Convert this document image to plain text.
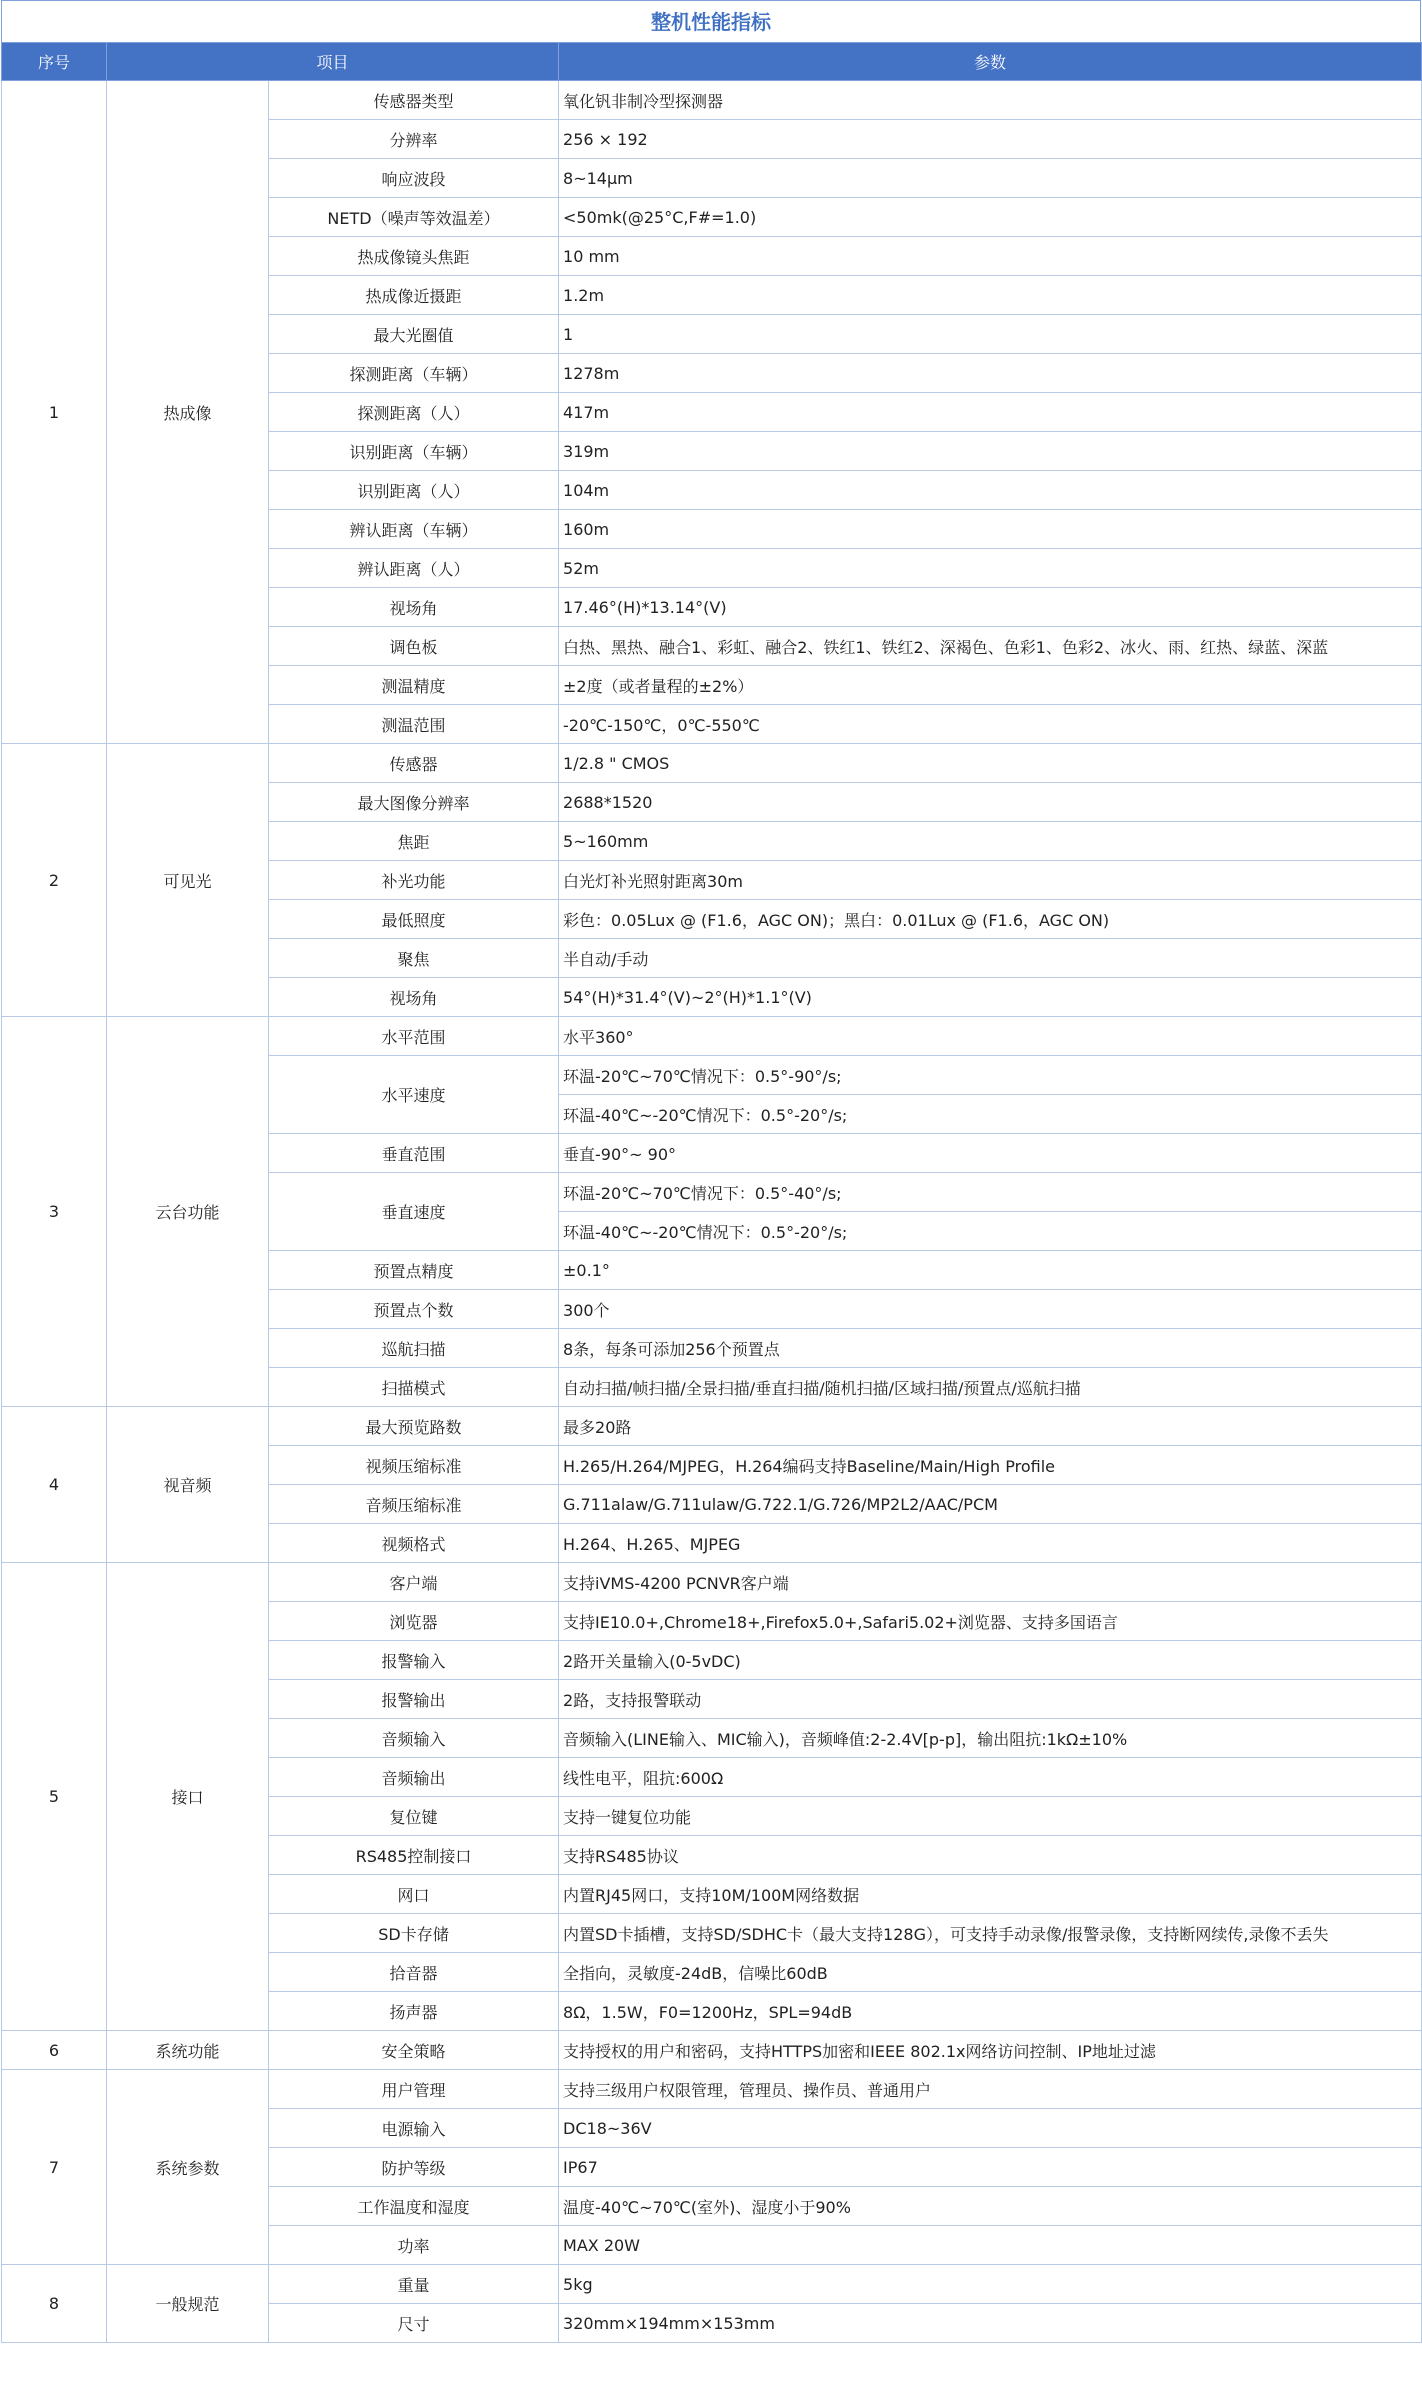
整机性能指标
序号	项目		参数
1	热成像	传感器类型	氧化钒非制冷型探测器
		分辨率	256 × 192
		响应波段	8~14μm
		NETD（噪声等效温差）	<50mk(@25°C,F#=1.0)
		热成像镜头焦距	10 mm
		热成像近摄距	1.2m
		最大光圈值	1
		探测距离（车辆）	1278m
		探测距离（人）	417m
		识别距离（车辆）	319m
		识别距离（人）	104m
		辨认距离（车辆）	160m
		辨认距离（人）	52m
		视场角	17.46°(H)*13.14°(V)
		调色板	白热、黑热、融合1、彩虹、融合2、铁红1、铁红2、深褐色、色彩1、色彩2、冰火、雨、红热、绿蓝、深蓝
		测温精度	±2度（或者量程的±2%）
		测温范围	-20℃-150℃，0℃-550℃
2	可见光	传感器	1/2.8 " CMOS
		最大图像分辨率	2688*1520
		焦距	5~160mm
		补光功能	白光灯补光照射距离30m
		最低照度	彩色：0.05Lux @ (F1.6，AGC ON)；黑白：0.01Lux @ (F1.6，AGC ON)
		聚焦	半自动/手动
		视场角	54°(H)*31.4°(V)~2°(H)*1.1°(V)
3	云台功能	水平范围	水平360°
		水平速度	环温-20℃~70℃情况下：0.5°-90°/s;
			环温-40℃~-20℃情况下：0.5°-20°/s;
		垂直范围	垂直-90°~ 90°
		垂直速度	环温-20℃~70℃情况下：0.5°-40°/s;
			环温-40℃~-20℃情况下：0.5°-20°/s;
		预置点精度	±0.1°
		预置点个数	300个
		巡航扫描	8条，每条可添加256个预置点
		扫描模式	自动扫描/帧扫描/全景扫描/垂直扫描/随机扫描/区域扫描/预置点/巡航扫描
4	视音频	最大预览路数	最多20路
		视频压缩标准	H.265/H.264/MJPEG，H.264编码支持Baseline/Main/High Profile
		音频压缩标准	G.711alaw/G.711ulaw/G.722.1/G.726/MP2L2/AAC/PCM
		视频格式	H.264、H.265、MJPEG
5	接口	客户端	支持iVMS-4200 PCNVR客户端
		浏览器	支持IE10.0+,Chrome18+,Firefox5.0+,Safari5.02+浏览器、支持多国语言
		报警输入	2路开关量输入(0-5vDC)
		报警输出	2路，支持报警联动
		音频输入	音频输入(LINE输入、MIC输入)，音频峰值:2-2.4V[p-p]，输出阻抗:1kΩ±10%
		音频输出	线性电平，阻抗:600Ω
		复位键	支持一键复位功能
		RS485控制接口	支持RS485协议
		网口	内置RJ45网口，支持10M/100M网络数据
		SD卡存储	内置SD卡插槽，支持SD/SDHC卡（最大支持128G），可支持手动录像/报警录像，支持断网续传,录像不丢失
		拾音器	全指向，灵敏度-24dB，信噪比60dB
		扬声器	8Ω，1.5W，F0=1200Hz，SPL=94dB
6	系统功能	安全策略	支持授权的用户和密码，支持HTTPS加密和IEEE 802.1x网络访问控制、IP地址过滤
7	系统参数	用户管理	支持三级用户权限管理，管理员、操作员、普通用户
		电源输入	DC18~36V
		防护等级	IP67
		工作温度和湿度	温度-40℃~70℃(室外)、湿度小于90%
		功率	MAX 20W
8	一般规范	重量	5kg
		尺寸	320mm×194mm×153mm
